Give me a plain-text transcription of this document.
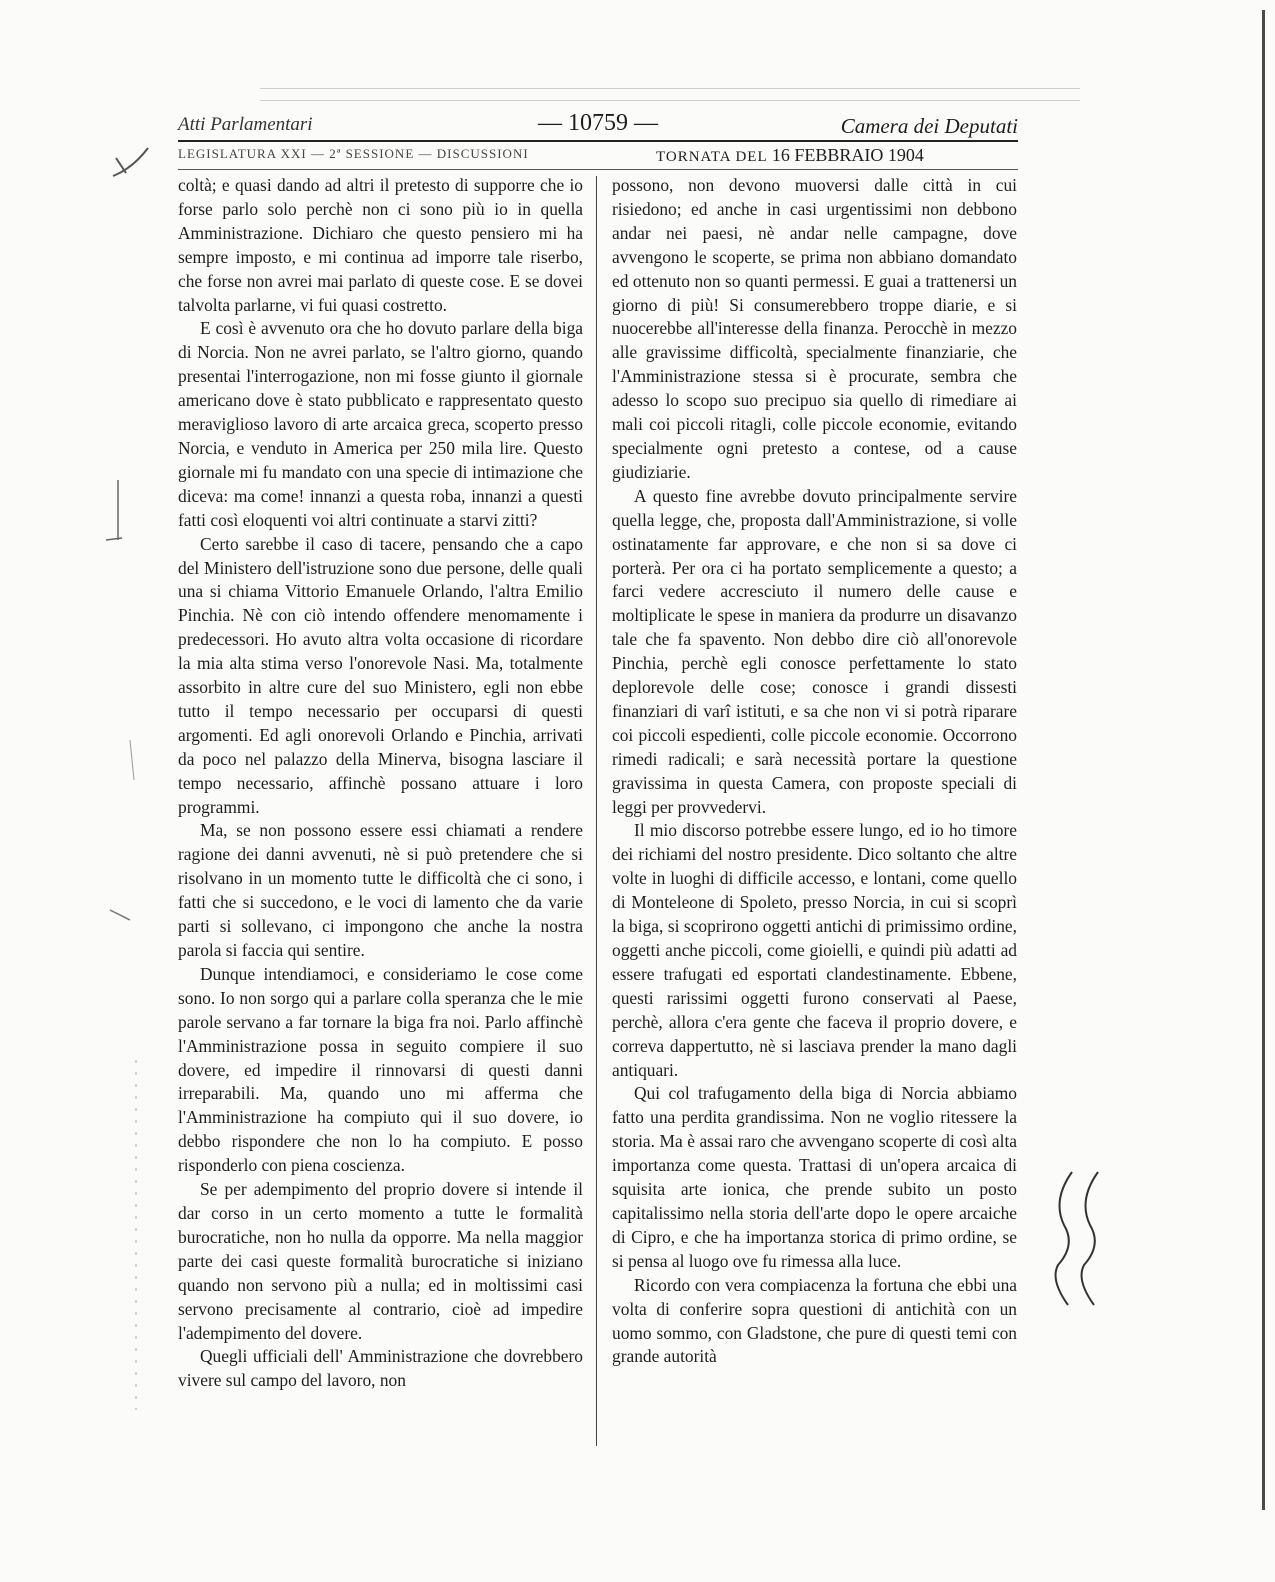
Atti Parlamentari	— 10759 —	Camera dei Deputati
LEGISLATURA XXI — 2ª SESSIONE — DISCUSSIONI	TORNATA DEL 16 FEBBRAIO 1904

coltà; e quasi dando ad altri il pretesto di supporre che io forse parlo solo perchè non ci sono più io in quella Amministrazione. Dichiaro che questo pensiero mi ha sempre imposto, e mi continua ad imporre tale riserbo, che forse non avrei mai parlato di queste cose. E se dovei talvolta parlarne, vi fui quasi costretto.

E così è avvenuto ora che ho dovuto parlare della biga di Norcia. Non ne avrei parlato, se l'altro giorno, quando presentai l'interrogazione, non mi fosse giunto il giornale americano dove è stato pubblicato e rappresentato questo meraviglioso lavoro di arte arcaica greca, scoperto presso Norcia, e venduto in America per 250 mila lire. Questo giornale mi fu mandato con una specie di intimazione che diceva: ma come! innanzi a questa roba, innanzi a questi fatti così eloquenti voi altri continuate a starvi zitti?

Certo sarebbe il caso di tacere, pensando che a capo del Ministero dell'istruzione sono due persone, delle quali una si chiama Vittorio Emanuele Orlando, l'altra Emilio Pinchia. Nè con ciò intendo offendere menomamente i predecessori. Ho avuto altra volta occasione di ricordare la mia alta stima verso l'onorevole Nasi. Ma, totalmente assorbito in altre cure del suo Ministero, egli non ebbe tutto il tempo necessario per occuparsi di questi argomenti. Ed agli onorevoli Orlando e Pinchia, arrivati da poco nel palazzo della Minerva, bisogna lasciare il tempo necessario, affinchè possano attuare i loro programmi.

Ma, se non possono essere essi chiamati a rendere ragione dei danni avvenuti, nè si può pretendere che si risolvano in un momento tutte le difficoltà che ci sono, i fatti che si succedono, e le voci di lamento che da varie parti si sollevano, ci impongono che anche la nostra parola si faccia qui sentire.

Dunque intendiamoci, e consideriamo le cose come sono. Io non sorgo qui a parlare colla speranza che le mie parole servano a far tornare la biga fra noi. Parlo affinchè l'Amministrazione possa in seguito compiere il suo dovere, ed impedire il rinnovarsi di questi danni irreparabili. Ma, quando uno mi afferma che l'Amministrazione ha compiuto qui il suo dovere, io debbo rispondere che non lo ha compiuto. E posso risponderlo con piena coscienza.

Se per adempimento del proprio dovere si intende il dar corso in un certo momento a tutte le formalità burocratiche, non ho nulla da opporre. Ma nella maggior parte dei casi queste formalità burocratiche si iniziano quando non servono più a nulla; ed in moltissimi casi servono precisamente al contrario, cioè ad impedire l'adempimento del dovere.

Quegli ufficiali dell' Amministrazione che dovrebbero vivere sul campo del lavoro, non

possono, non devono muoversi dalle città in cui risiedono; ed anche in casi urgentissimi non debbono andar nei paesi, nè andar nelle campagne, dove avvengono le scoperte, se prima non abbiano domandato ed ottenuto non so quanti permessi. E guai a trattenersi un giorno di più! Si consumerebbero troppe diarie, e si nuocerebbe all'interesse della finanza. Perocchè in mezzo alle gravissime difficoltà, specialmente finanziarie, che l'Amministrazione stessa si è procurate, sembra che adesso lo scopo suo precipuo sia quello di rimediare ai mali coi piccoli ritagli, colle piccole economie, evitando specialmente ogni pretesto a contese, od a cause giudiziarie.

A questo fine avrebbe dovuto principalmente servire quella legge, che, proposta dall'Amministrazione, si volle ostinatamente far approvare, e che non si sa dove ci porterà. Per ora ci ha portato semplicemente a questo; a farci vedere accresciuto il numero delle cause e moltiplicate le spese in maniera da produrre un disavanzo tale che fa spavento. Non debbo dire ciò all'onorevole Pinchia, perchè egli conosce perfettamente lo stato deplorevole delle cose; conosce i grandi dissesti finanziari di varî istituti, e sa che non vi si potrà riparare coi piccoli espedienti, colle piccole economie. Occorrono rimedi radicali; e sarà necessità portare la questione gravissima in questa Camera, con proposte speciali di leggi per provvedervi.

Il mio discorso potrebbe essere lungo, ed io ho timore dei richiami del nostro presidente. Dico soltanto che altre volte in luoghi di difficile accesso, e lontani, come quello di Monteleone di Spoleto, presso Norcia, in cui si scoprì la biga, si scoprirono oggetti antichi di primissimo ordine, oggetti anche piccoli, come gioielli, e quindi più adatti ad essere trafugati ed esportati clandestinamente. Ebbene, questi rarissimi oggetti furono conservati al Paese, perchè, allora c'era gente che faceva il proprio dovere, e correva dappertutto, nè si lasciava prender la mano dagli antiquari.

Qui col trafugamento della biga di Norcia abbiamo fatto una perdita grandissima. Non ne voglio ritessere la storia. Ma è assai raro che avvengano scoperte di così alta importanza come questa. Trattasi di un'opera arcaica di squisita arte ionica, che prende subito un posto capitalissimo nella storia dell'arte dopo le opere arcaiche di Cipro, e che ha importanza storica di primo ordine, se si pensa al luogo ove fu rimessa alla luce.

Ricordo con vera compiacenza la fortuna che ebbi una volta di conferire sopra questioni di antichità con un uomo sommo, con Gladstone, che pure di questi temi con grande autorità
